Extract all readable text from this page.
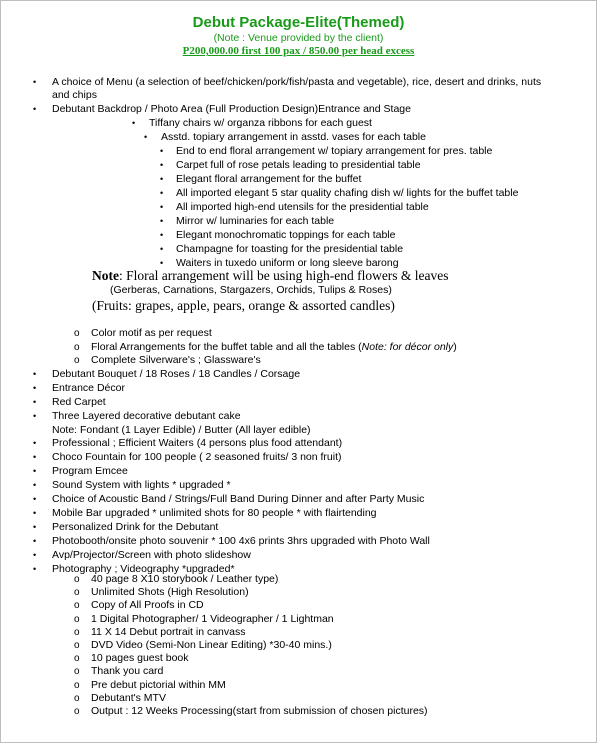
Debut Package-Elite(Themed)
(Note : Venue provided by the client)
P200,000.00 first 100 pax / 850.00 per head excess
• A choice of Menu (a selection of beef/chicken/pork/fish/pasta and vegetable), rice, desert and drinks, nuts
and chips
• Debutant Backdrop / Photo Area (Full Production Design)Entrance and Stage
• Tiffany chairs w/ organza ribbons for each guest
• Asstd. topiary arrangement in asstd. vases for each table
• End to end floral arrangement w/ topiary arrangement for pres. table
• Carpet full of rose petals leading to presidential table
• Elegant floral arrangement for the buffet
• All imported elegant 5 star quality chafing dish w/ lights for the buffet table
• All imported high-end utensils for the presidential table
• Mirror w/ luminaries for each table
• Elegant monochromatic toppings for each table
• Champagne for toasting for the presidential table
• Waiters in tuxedo uniform or long sleeve barong
Note: Floral arrangement will be using high-end flowers & leaves
(Gerberas, Carnations, Stargazers, Orchids, Tulips & Roses)
(Fruits: grapes, apple, pears, orange & assorted candles)
o Color motif as per request
o Floral Arrangements for the buffet table and all the tables (Note: for décor only)
o Complete Silverware's ; Glassware's
• Debutant Bouquet / 18 Roses / 18 Candles / Corsage
• Entrance Décor
• Red Carpet
• Three Layered decorative debutant cake
Note: Fondant (1 Layer Edible) / Butter (All layer edible)
• Professional ; Efficient Waiters (4 persons plus food attendant)
• Choco Fountain for 100 people ( 2 seasoned fruits/ 3 non fruit)
• Program Emcee
• Sound System with lights * upgraded *
• Choice of Acoustic Band / Strings/Full Band During Dinner and after Party Music
• Mobile Bar upgraded * unlimited shots for 80 people * with flairtending
• Personalized Drink for the Debutant
• Photobooth/onsite photo souvenir * 100 4x6 prints 3hrs upgraded with Photo Wall
• Avp/Projector/Screen with photo slideshow
• Photography ; Videography *upgraded*
o 40 page 8 X10 storybook / Leather type)
o Unlimited Shots (High Resolution)
o Copy of All Proofs in CD
o 1 Digital Photographer/ 1 Videographer / 1 Lightman
o 11 X 14 Debut portrait in canvass
o DVD Video (Semi-Non Linear Editing) *30-40 mins.)
o 10 pages guest book
o Thank you card
o Pre debut pictorial within MM
o Debutant's MTV
o Output : 12 Weeks Processing(start from submission of chosen pictures)
